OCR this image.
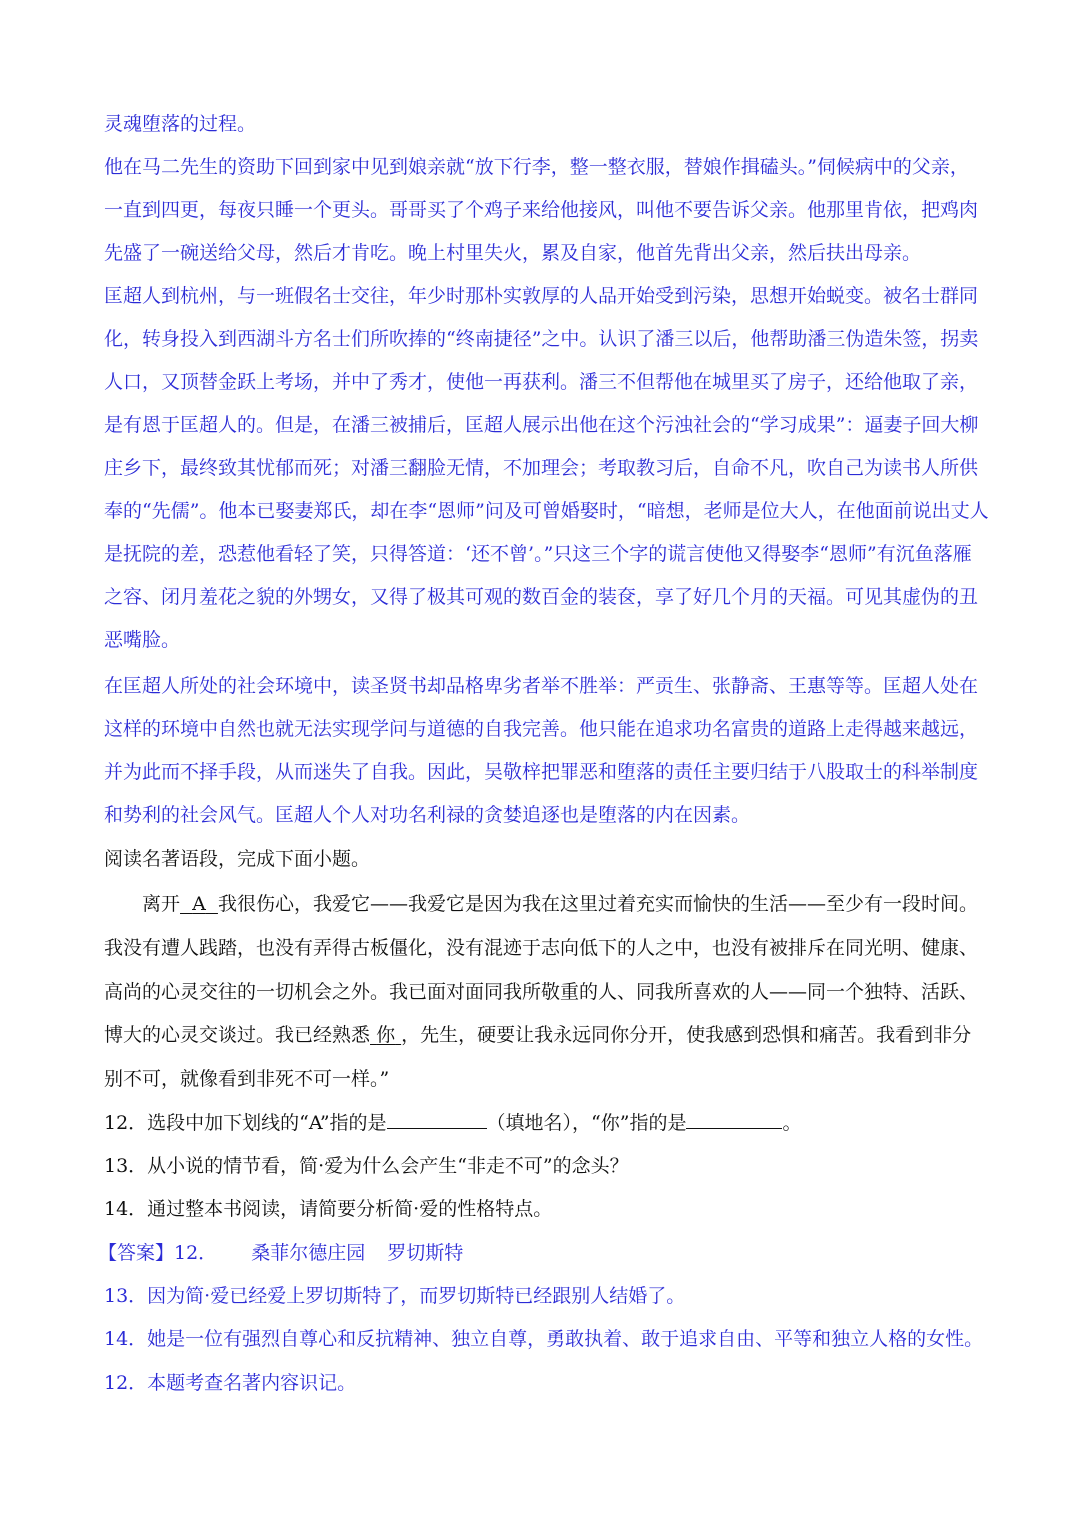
灵魂堕落的过程。
他在马二先生的资助下回到家中见到娘亲就“放下行李，整一整衣服，替娘作揖磕头。”伺候病中的父亲，
一直到四更，每夜只睡一个更头。哥哥买了个鸡子来给他接风，叫他不要告诉父亲。他那里肯依，把鸡肉
先盛了一碗送给父母，然后才肯吃。晚上村里失火，累及自家，他首先背出父亲，然后扶出母亲。
匡超人到杭州，与一班假名士交往，年少时那朴实敦厚的人品开始受到污染，思想开始蜕变。被名士群同
化，转身投入到西湖斗方名士们所吹捧的“终南捷径”之中。认识了潘三以后，他帮助潘三伪造朱签，拐卖
人口，又顶替金跃上考场，并中了秀才，使他一再获利。潘三不但帮他在城里买了房子，还给他取了亲，
是有恩于匡超人的。但是，在潘三被捕后，匡超人展示出他在这个污浊社会的“学习成果”：逼妻子回大柳
庄乡下，最终致其忧郁而死；对潘三翻脸无情，不加理会；考取教习后，自命不凡，吹自己为读书人所供
奉的“先儒”。他本已娶妻郑氏，却在李“恩师”问及可曾婚娶时，“暗想，老师是位大人，在他面前说出丈人
是抚院的差，恐惹他看轻了笑，只得答道：‘还不曾’。”只这三个字的谎言使他又得娶李“恩师”有沉鱼落雁
之容、闭月羞花之貌的外甥女，又得了极其可观的数百金的装奁，享了好几个月的天福。可见其虚伪的丑
恶嘴脸。
在匡超人所处的社会环境中，读圣贤书却品格卑劣者举不胜举：严贡生、张静斋、王惠等等。匡超人处在
这样的环境中自然也就无法实现学问与道德的自我完善。他只能在追求功名富贵的道路上走得越来越远，
并为此而不择手段，从而迷失了自我。因此，吴敬梓把罪恶和堕落的责任主要归结于八股取士的科举制度
和势利的社会风气。匡超人个人对功名利禄的贪婪追逐也是堕落的内在因素。
阅读名著语段，完成下面小题。
离开 A 我很伤心，我爱它——我爱它是因为我在这里过着充实而愉快的生活——至少有一段时间。
我没有遭人践踏，也没有弄得古板僵化，没有混迹于志向低下的人之中，也没有被排斥在同光明、健康、
高尚的心灵交往的一切机会之外。我已面对面同我所敬重的人、同我所喜欢的人——同一个独特、活跃、
博大的心灵交谈过。我已经熟悉 你 ，先生，硬要让我永远同你分开，使我感到恐惧和痛苦。我看到非分
别不可，就像看到非死不可一样。”
12．选段中加下划线的“A”指的是	（填地名），“你”指的是	。
13．从小说的情节看，简·爱为什么会产生“非走不可”的念头？
14．通过整本书阅读，请简要分析简·爱的性格特点。
【答案】12． 桑菲尔德庄园 罗切斯特
13．因为简·爱已经爱上罗切斯特了，而罗切斯特已经跟别人结婚了。
14．她是一位有强烈自尊心和反抗精神、独立自尊，勇敢执着、敢于追求自由、平等和独立人格的女性。
12．本题考查名著内容识记。
